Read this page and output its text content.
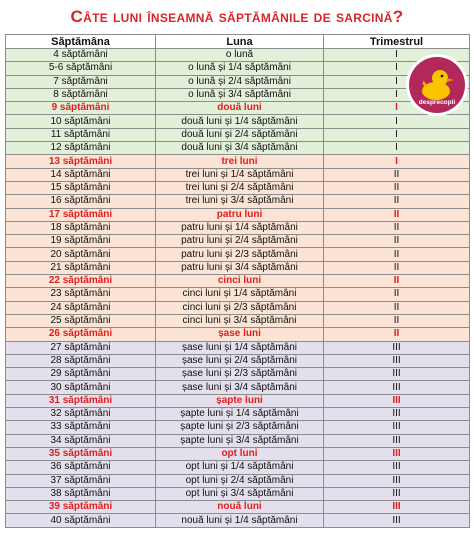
Câte luni înseamnă săptămânile de sarcină?
Săptămâna	Luna	Trimestrul
4 săptămâni	o lună	I
5-6 săptămâni	o lună și 1/4 săptămâni	I
7 săptămâni	o lună și 2/4 săptămâni	I
8 săptămâni	o lună și 3/4 săptămâni	I
9 săptămâni	două luni	I
10 săptămâni	două luni și 1/4 săptămâni	I
11 săptămâni	două luni și 2/4 săptămâni	I
12 săptămâni	două luni și 3/4 săptămâni	I
13 săptămâni	trei luni	I
14 săptămâni	trei luni și 1/4 săptămâni	II
15 săptămâni	trei luni și 2/4 săptămâni	II
16 săptămâni	trei luni și 3/4 săptămâni	II
17 săptămâni	patru luni	II
18 săptămâni	patru luni și 1/4 săptămâni	II
19 săptămâni	patru luni și 2/4 săptămâni	II
20 săptămâni	patru luni și 2/3 săptămâni	II
21 săptămâni	patru luni și 3/4 săptămâni	II
22 săptămâni	cinci luni	II
23 săptămâni	cinci luni și 1/4 săptămâni	II
24 săptămâni	cinci luni și 2/3 săptămâni	II
25 săptămâni	cinci luni și 3/4 săptămâni	II
26 săptămâni	șase luni	II
27 săptămâni	șase luni și 1/4 săptămâni	III
28 săptămâni	șase luni și 2/4 săptămâni	III
29 săptămâni	șase luni și 2/3 săptămâni	III
30 săptămâni	șase luni și 3/4 săptămâni	III
31 săptămâni	șapte luni	III
32 săptămâni	șapte luni și 1/4 săptămâni	III
33 săptămâni	șapte luni și 2/3 săptămâni	III
34 săptămâni	șapte luni și 3/4 săptămâni	III
35 săptămâni	opt luni	III
36 săptămâni	opt luni și 1/4 săptămâni	III
37 săptămâni	opt luni și 2/4 săptămâni	III
38 săptămâni	opt luni și 3/4 săptămâni	III
39 săptămâni	nouă luni	III
40 săptămâni	nouă luni și 1/4 săptămâni	III
desprecopii
